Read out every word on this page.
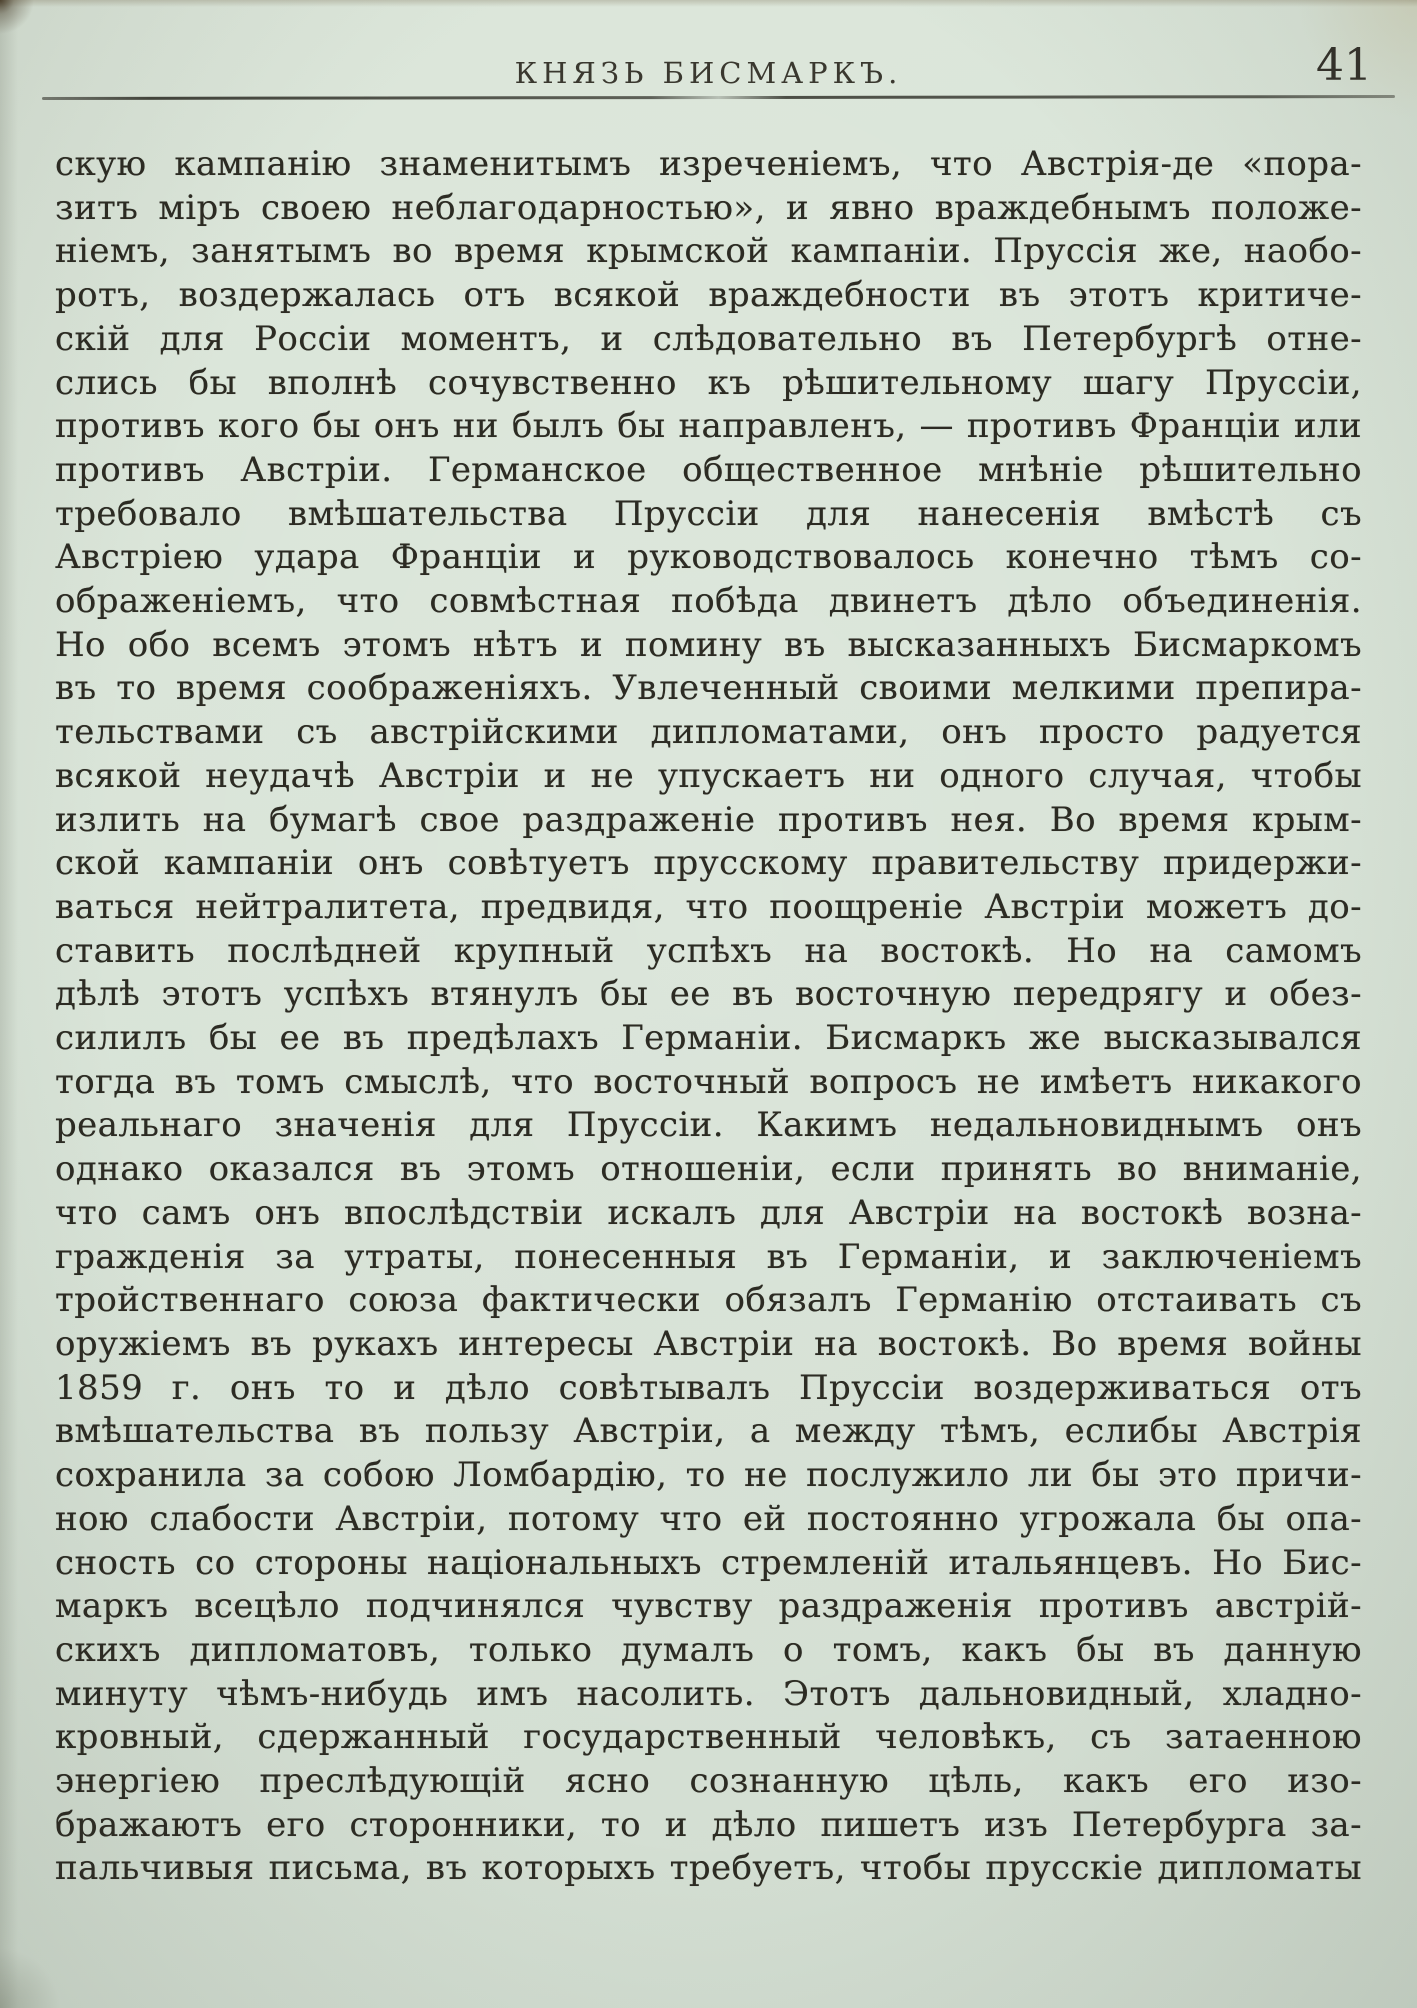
КНЯЗЬ БИСМАРКЪ.	41
скую кампанію знаменитымъ изреченіемъ, что Австрія-де «пора-
зитъ міръ своею неблагодарностью», и явно враждебнымъ положе-
ніемъ, занятымъ во время крымской кампаніи. Пруссія же, наобо-
ротъ, воздержалась отъ всякой враждебности въ этотъ критиче-
скій для Россіи моментъ, и слѣдовательно въ Петербургѣ отне-
слись бы вполнѣ сочувственно къ рѣшительному шагу Пруссіи,
противъ кого бы онъ ни былъ бы направленъ, — противъ Франціи или
противъ Австріи. Германское общественное мнѣніе рѣшительно
требовало вмѣшательства Пруссіи для нанесенія вмѣстѣ съ
Австріею удара Франціи и руководствовалось конечно тѣмъ со-
ображеніемъ, что совмѣстная побѣда двинетъ дѣло объединенія.
Но обо всемъ этомъ нѣтъ и помину въ высказанныхъ Бисмаркомъ
въ то время соображеніяхъ. Увлеченный своими мелкими препира-
тельствами съ австрійскими дипломатами, онъ просто радуется
всякой неудачѣ Австріи и не упускаетъ ни одного случая, чтобы
излить на бумагѣ свое раздраженіе противъ нея. Во время крым-
ской кампаніи онъ совѣтуетъ прусскому правительству придержи-
ваться нейтралитета, предвидя, что поощреніе Австріи можетъ до-
ставить послѣдней крупный успѣхъ на востокѣ. Но на самомъ
дѣлѣ этотъ успѣхъ втянулъ бы ее въ восточную передрягу и обез-
силилъ бы ее въ предѣлахъ Германіи. Бисмаркъ же высказывался
тогда въ томъ смыслѣ, что восточный вопросъ не имѣетъ никакого
реальнаго значенія для Пруссіи. Какимъ недальновиднымъ онъ
однако оказался въ этомъ отношеніи, если принять во вниманіе,
что самъ онъ впослѣдствіи искалъ для Австріи на востокѣ возна-
гражденія за утраты, понесенныя въ Германіи, и заключеніемъ
тройственнаго союза фактически обязалъ Германію отстаивать съ
оружіемъ въ рукахъ интересы Австріи на востокѣ. Во время войны
1859 г. онъ то и дѣло совѣтывалъ Пруссіи воздерживаться отъ
вмѣшательства въ пользу Австріи, а между тѣмъ, еслибы Австрія
сохранила за собою Ломбардію, то не послужило ли бы это причи-
ною слабости Австріи, потому что ей постоянно угрожала бы опа-
сность со стороны національныхъ стремленій итальянцевъ. Но Бис-
маркъ всецѣло подчинялся чувству раздраженія противъ австрій-
скихъ дипломатовъ, только думалъ о томъ, какъ бы въ данную
минуту чѣмъ-нибудь имъ насолить. Этотъ дальновидный, хладно-
кровный, сдержанный государственный человѣкъ, съ затаенною
энергіею преслѣдующій ясно сознанную цѣль, какъ его изо-
бражаютъ его сторонники, то и дѣло пишетъ изъ Петербурга за-
пальчивыя письма, въ которыхъ требуетъ, чтобы прусскіе дипломаты
